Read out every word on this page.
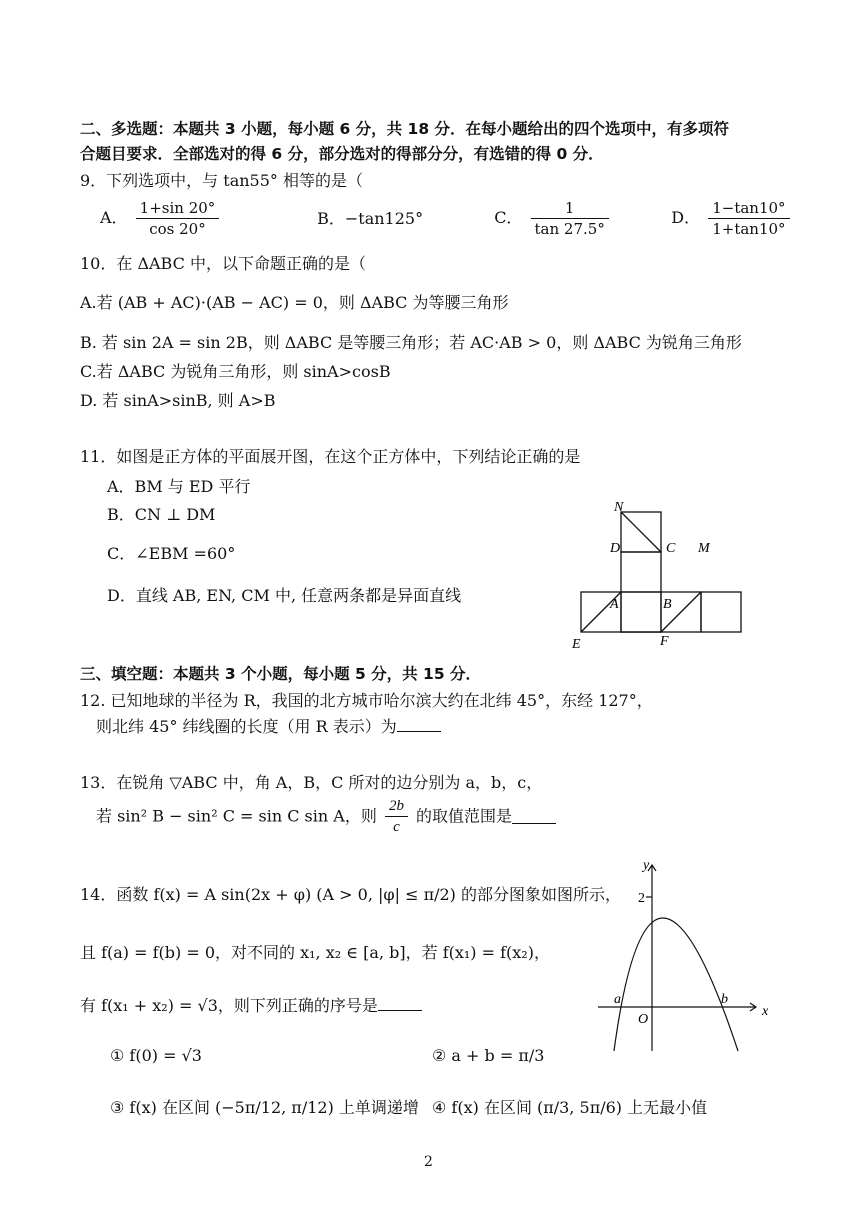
二、多选题：本题共 3 小题，每小题 6 分，共 18 分．在每小题给出的四个选项中，有多项符
合题目要求．全部选对的得 6 分，部分选对的得部分分，有选错的得 0 分．
9．下列选项中，与 tan55° 相等的是（
A． $\frac{1+\sin 20^\circ}{\cos 20^\circ}$	B．−tan125°	C． $\frac{1}{\tan 27.5^\circ}$	D． $\frac{1-\tan 10^\circ}{1+\tan 10^\circ}$
10．在 ΔABC 中，以下命题正确的是（
A.若 (AB + AC)·(AB − AC) = 0，则 ΔABC 为等腰三角形
B. 若 sin 2A = sin 2B，则 ΔABC 是等腰三角形；若 AC·AB > 0，则 ΔABC 为锐角三角形
C.若 ΔABC 为锐角三角形，则 sinA>cosB
D. 若 sinA>sinB, 则 A>B
11．如图是正方体的平面展开图，在这个正方体中，下列结论正确的是
A．BM 与 ED 平行
B．CN ⊥ DM
C．∠EBM =60°
D．直线 AB, EN, CM 中, 任意两条都是异面直线
N
D	C M
E
A	B
F
三、填空题：本题共 3 个小题，每小题 5 分，共 15 分．
12. 已知地球的半径为 R，我国的北方城市哈尔滨大约在北纬 45°，东经 127°，
则北纬 45° 纬线圈的长度（用 R 表示）为
13．在锐角 ▽ABC 中，角 A，B，C 所对的边分别为 a，b，c，
若 sin² B − sin² C = sin C sin A，则 $\frac{2b}{c}$ 的取值范围是
14．函数 f(x) = A sin(2x + φ) (A > 0, |φ| ≤ π/2) 的部分图象如图所示，
且 f(a) = f(b) = 0，对不同的 x₁, x₂ ∈ [a, b]，若 f(x₁) = f(x₂)，
有 f(x₁ + x₂) = √3，则下列正确的序号是
① f(0) = √3	② a + b = π/3
③ f(x) 在区间 (−5π/12, π/12) 上单调递增 ④ f(x) 在区间 (π/3, 5π/6) 上无最小值
y
x
2
a	b
O
2
